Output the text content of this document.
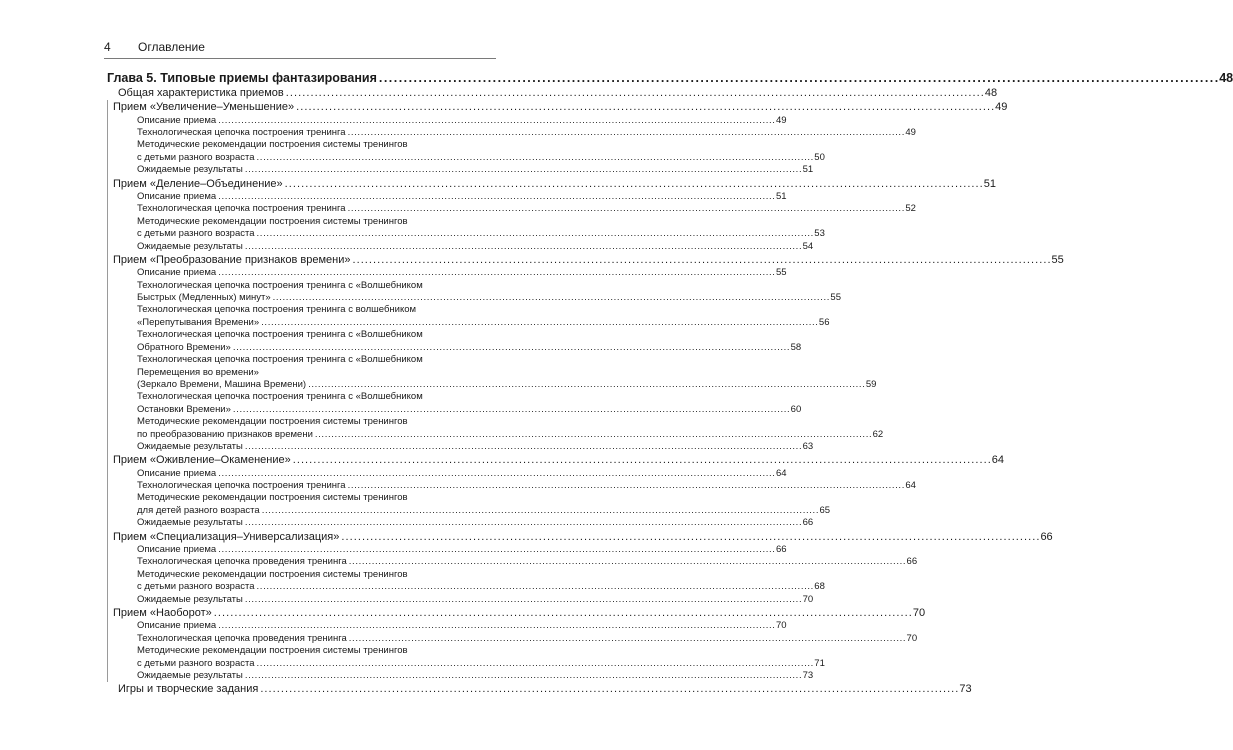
4	Оглавление
Глава 5. Типовые приемы фантазирования . . .	48
Общая характеристика приемов . . .	48
Прием «Увеличение–Уменьшение» . . .	49
Описание приема . . .	49
Технологическая цепочка построения тренинга . . .	49
Методические рекомендации построения системы тренингов
с детьми разного возраста . . .	50
Ожидаемые результаты . . .	51
Прием «Деление–Объединение» . . .	51
Описание приема . . .	51
Технологическая цепочка построения тренинга . . .	52
Методические рекомендации построения системы тренингов
с детьми разного возраста . . .	53
Ожидаемые результаты . . .	54
Прием «Преобразование признаков времени» . . .	55
Описание приема . . .	55
Технологическая цепочка построения тренинга с «Волшебником
Быстрых (Медленных) минут» . . .	55
Технологическая цепочка построения тренинга с волшебником
«Перепутывания Времени» . . .	56
Технологическая цепочка построения тренинга с «Волшебником
Обратного Времени» . . .	58
Технологическая цепочка построения тренинга с «Волшебником
Перемещения во времени»
(Зеркало Времени, Машина Времени) . . .	59
Технологическая цепочка построения тренинга с «Волшебником
Остановки Времени» . . .	60
Методические рекомендации построения системы тренингов
по преобразованию признаков времени . . .	62
Ожидаемые результаты . . .	63
Прием «Оживление–Окаменение» . . .	64
Описание приема . . .	64
Технологическая цепочка построения тренинга . . .	64
Методические рекомендации построения системы тренингов
для детей разного возраста . . .	65
Ожидаемые результаты . . .	66
Прием «Специализация–Универсализация» . . .	66
Описание приема . . .	66
Технологическая цепочка проведения тренинга . . .	66
Методические рекомендации построения системы тренингов
с детьми разного возраста . . .	68
Ожидаемые результаты . . .	70
Прием «Наоборот» . . .	70
Описание приема . . .	70
Технологическая цепочка проведения тренинга . . .	70
Методические рекомендации построения системы тренингов
с детьми разного возраста . . .	71
Ожидаемые результаты . . .	73
Игры и творческие задания . . .	73
